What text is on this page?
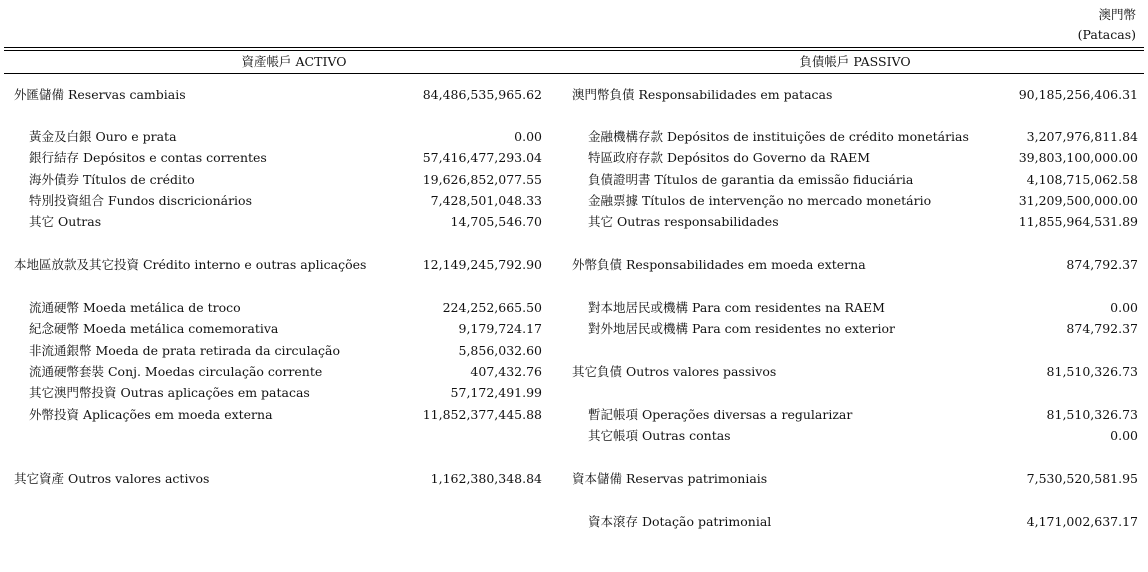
澳門幣
(Patacas)
資產帳戶 ACTIVO	負債帳戶 PASSIVO
外匯儲備 Reservas cambiais	84,486,535,965.62
黃金及白銀 Ouro e prata	0.00
銀行結存 Depósitos e contas correntes	57,416,477,293.04
海外債券 Títulos de crédito	19,626,852,077.55
特別投資組合 Fundos discricionários	7,428,501,048.33
其它 Outras	14,705,546.70
本地區放款及其它投資 Crédito interno e outras aplicações	12,149,245,792.90
流通硬幣 Moeda metálica de troco	224,252,665.50
紀念硬幣 Moeda metálica comemorativa	9,179,724.17
非流通銀幣 Moeda de prata retirada da circulação	5,856,032.60
流通硬幣套裝 Conj. Moedas circulação corrente	407,432.76
其它澳門幣投資 Outras aplicações em patacas	57,172,491.99
外幣投資 Aplicações em moeda externa	11,852,377,445.88
其它資產 Outros valores activos	1,162,380,348.84
澳門幣負債 Responsabilidades em patacas	90,185,256,406.31
金融機構存款 Depósitos de instituições de crédito monetárias	3,207,976,811.84
特區政府存款 Depósitos do Governo da RAEM	39,803,100,000.00
負債證明書 Títulos de garantia da emissão fiduciária	4,108,715,062.58
金融票據 Títulos de intervenção no mercado monetário	31,209,500,000.00
其它 Outras responsabilidades	11,855,964,531.89
外幣負債 Responsabilidades em moeda externa	874,792.37
對本地居民或機構 Para com residentes na RAEM	0.00
對外地居民或機構 Para com residentes no exterior	874,792.37
其它負債 Outros valores passivos	81,510,326.73
暫記帳項 Operações diversas a regularizar	81,510,326.73
其它帳項 Outras contas	0.00
資本儲備 Reservas patrimoniais	7,530,520,581.95
資本滾存 Dotação patrimonial	4,171,002,637.17
